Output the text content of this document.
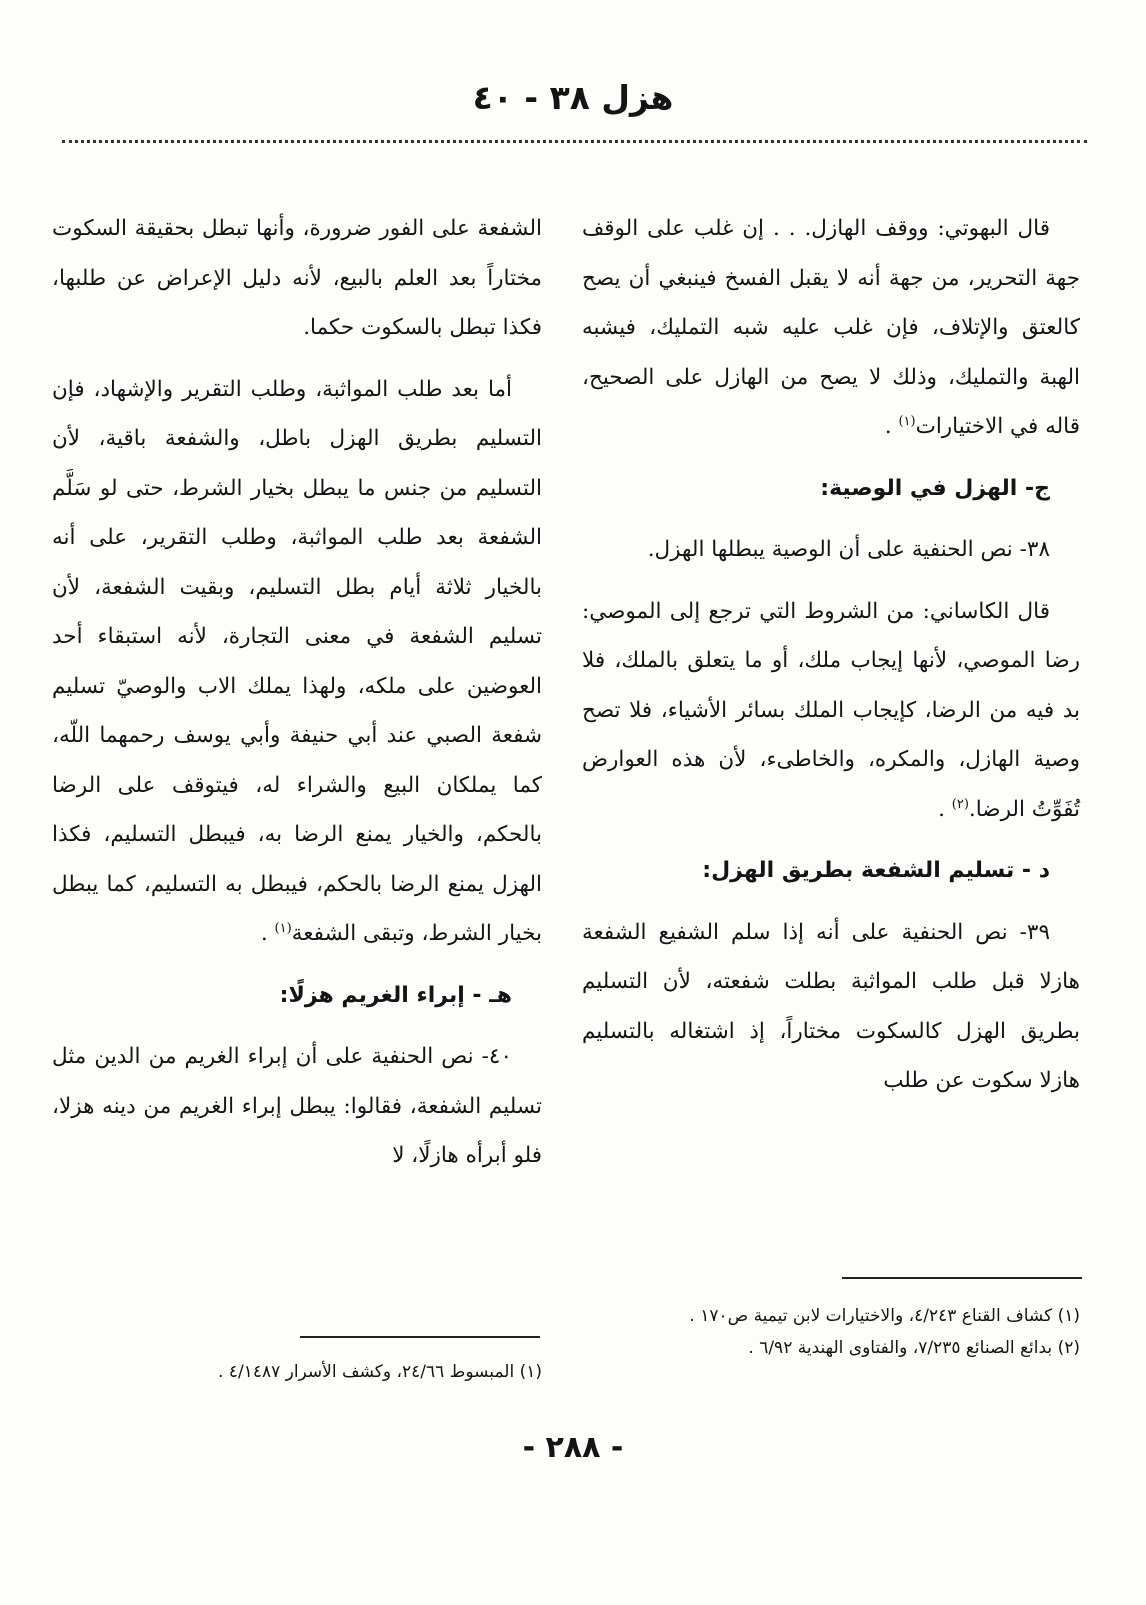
هزل ٣٨ - ٤٠

قال البهوتي: ووقف الهازل. . . إن غلب على الوقف جهة التحرير، من جهة أنه لا يقبل الفسخ فينبغي أن يصح كالعتق والإتلاف، فإن غلب عليه شبه التمليك، فيشبه الهبة والتمليك، وذلك لا يصح من الهازل على الصحيح، قاله في الاختيارات$^{(١)}$ .

ج- الهزل في الوصية:

٣٨- نص الحنفية على أن الوصية يبطلها الهزل.

قال الكاساني: من الشروط التي ترجع إلى الموصي: رضا الموصي، لأنها إيجاب ملك، أو ما يتعلق بالملك، فلا بد فيه من الرضا، كإيجاب الملك بسائر الأشياء، فلا تصح وصية الهازل، والمكره، والخاطىء، لأن هذه العوارض تُفَوِّتُ الرضا.$^{(٢)}$ .

د - تسليم الشفعة بطريق الهزل:

٣٩- نص الحنفية على أنه إذا سلم الشفيع الشفعة هازلا قبل طلب المواثبة بطلت شفعته، لأن التسليم بطريق الهزل كالسكوت مختاراً، إذ اشتغاله بالتسليم هازلا سكوت عن طلب

الشفعة على الفور ضرورة، وأنها تبطل بحقيقة السكوت مختاراً بعد العلم بالبيع، لأنه دليل الإعراض عن طلبها، فكذا تبطل بالسكوت حكما.

أما بعد طلب المواثبة، وطلب التقرير والإشهاد، فإن التسليم بطريق الهزل باطل، والشفعة باقية، لأن التسليم من جنس ما يبطل بخيار الشرط، حتى لو سَلَّم الشفعة بعد طلب المواثبة، وطلب التقرير، على أنه بالخيار ثلاثة أيام بطل التسليم، وبقيت الشفعة، لأن تسليم الشفعة في معنى التجارة، لأنه استبقاء أحد العوضين على ملكه، ولهذا يملك الاب والوصيّ تسليم شفعة الصبي عند أبي حنيفة وأبي يوسف رحمهما اللّه، كما يملكان البيع والشراء له، فيتوقف على الرضا بالحكم، والخيار يمنع الرضا به، فيبطل التسليم، فكذا الهزل يمنع الرضا بالحكم، فيبطل به التسليم، كما يبطل بخيار الشرط، وتبقى الشفعة$^{(١)}$ .

هـ - إبراء الغريم هزلًا:

٤٠- نص الحنفية على أن إبراء الغريم من الدين مثل تسليم الشفعة، فقالوا: يبطل إبراء الغريم من دينه هزلا، فلو أبرأه هازلًا، لا

(١) كشاف القناع ٤/٢٤٣، والاختيارات لابن تيمية ص١٧٠ .
(٢) بدائع الصنائع ٧/٢٣٥، والفتاوى الهندية ٦/٩٢ .
(١) المبسوط ٢٤/٦٦، وكشف الأسرار ٤/١٤٨٧ .
- ٢٨٨ -
